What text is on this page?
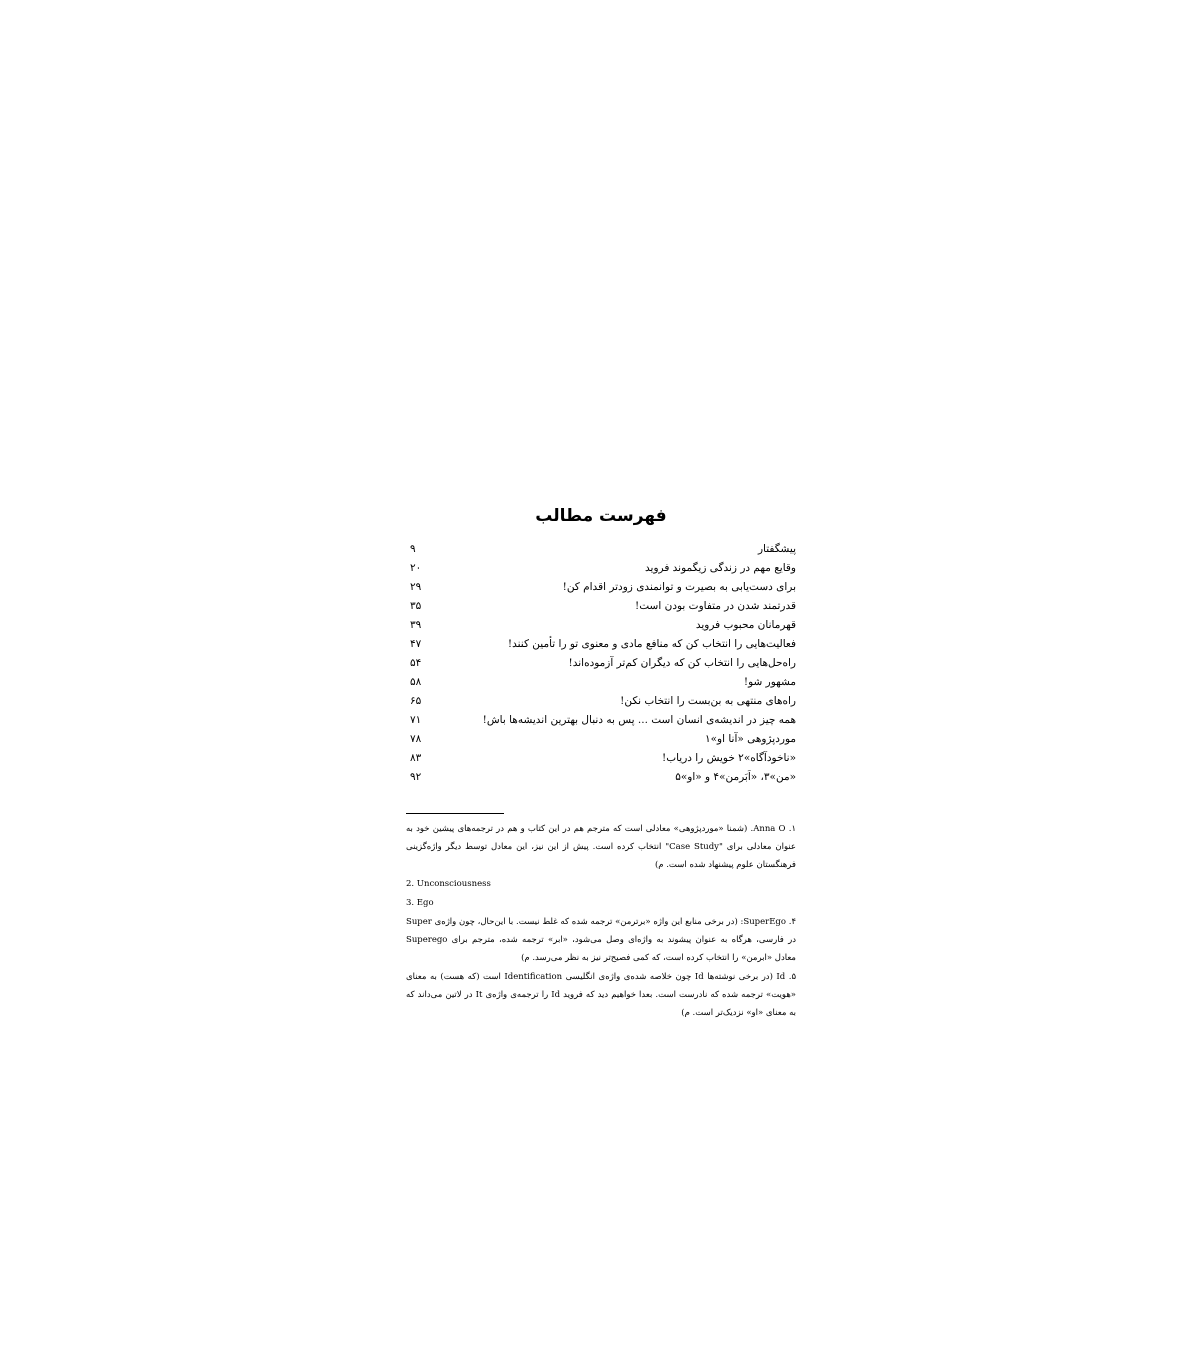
فهرست مطالب
پیشگفتار
۹
وقایع مهم در زندگی زیگموند فروید
۲۰
برای دست‌یابی به بصیرت و توانمندی زودتر اقدام کن!
۲۹
قدرتمند شدن در متفاوت بودن است!
۳۵
قهرمانان محبوب فروید
۳۹
فعالیت‌هایی را انتخاب کن که منافع مادی و معنوی تو را تأمین کنند!
۴۷
راه‌حل‌هایی را انتخاب کن که دیگران کم‌تر آزموده‌اند!
۵۴
مشهور شو!
۵۸
راه‌های منتهی به بن‌بست را انتخاب نکن!
۶۵
همه چیز در اندیشه‌ی انسان است ... پس به دنبال بهترین اندیشه‌ها باش!
۷۱
موردپژوهی «آنا او»۱
۷۸
«ناخودآگاه»۲ خویش را دریاب!
۸۳
«من»۳، «اَبَرمن»۴ و «او»۵
۹۲

۱. Anna O. (شمنا «موردپژوهی» معادلی است که مترجم هم در این کتاب و هم در ترجمه‌های پیشین خود به عنوان معادلی برای "Case Study" انتخاب کرده است. پیش از این نیز، این معادل توسط دیگر واژه‌گزینی فرهنگستان علوم پیشنهاد شده است. م)

2. Unconsciousness

3. Ego

۴. SuperEgo: (در برخی منابع این واژه «برترمن» ترجمه شده که غلط نیست. با این‌حال، چون واژه‌ی Super در فارسی، هرگاه به عنوان پیشوند به واژه‌ای وصل می‌شود، «ابر» ترجمه شده، مترجم برای Superego معادل «ابرمن» را انتخاب کرده است، که کمی فصیح‌تر نیز به نظر می‌رسد. م)

۵. Id (در برخی نوشته‌ها Id چون خلاصه شده‌ی واژه‌ی انگلیسی Identification است (که هست) به معنای «هویت» ترجمه شده که نادرست است. بعدا خواهیم دید که فروید Id را ترجمه‌ی واژه‌ی It در لاتین می‌داند که به معنای «او» نزدیک‌تر است. م)
